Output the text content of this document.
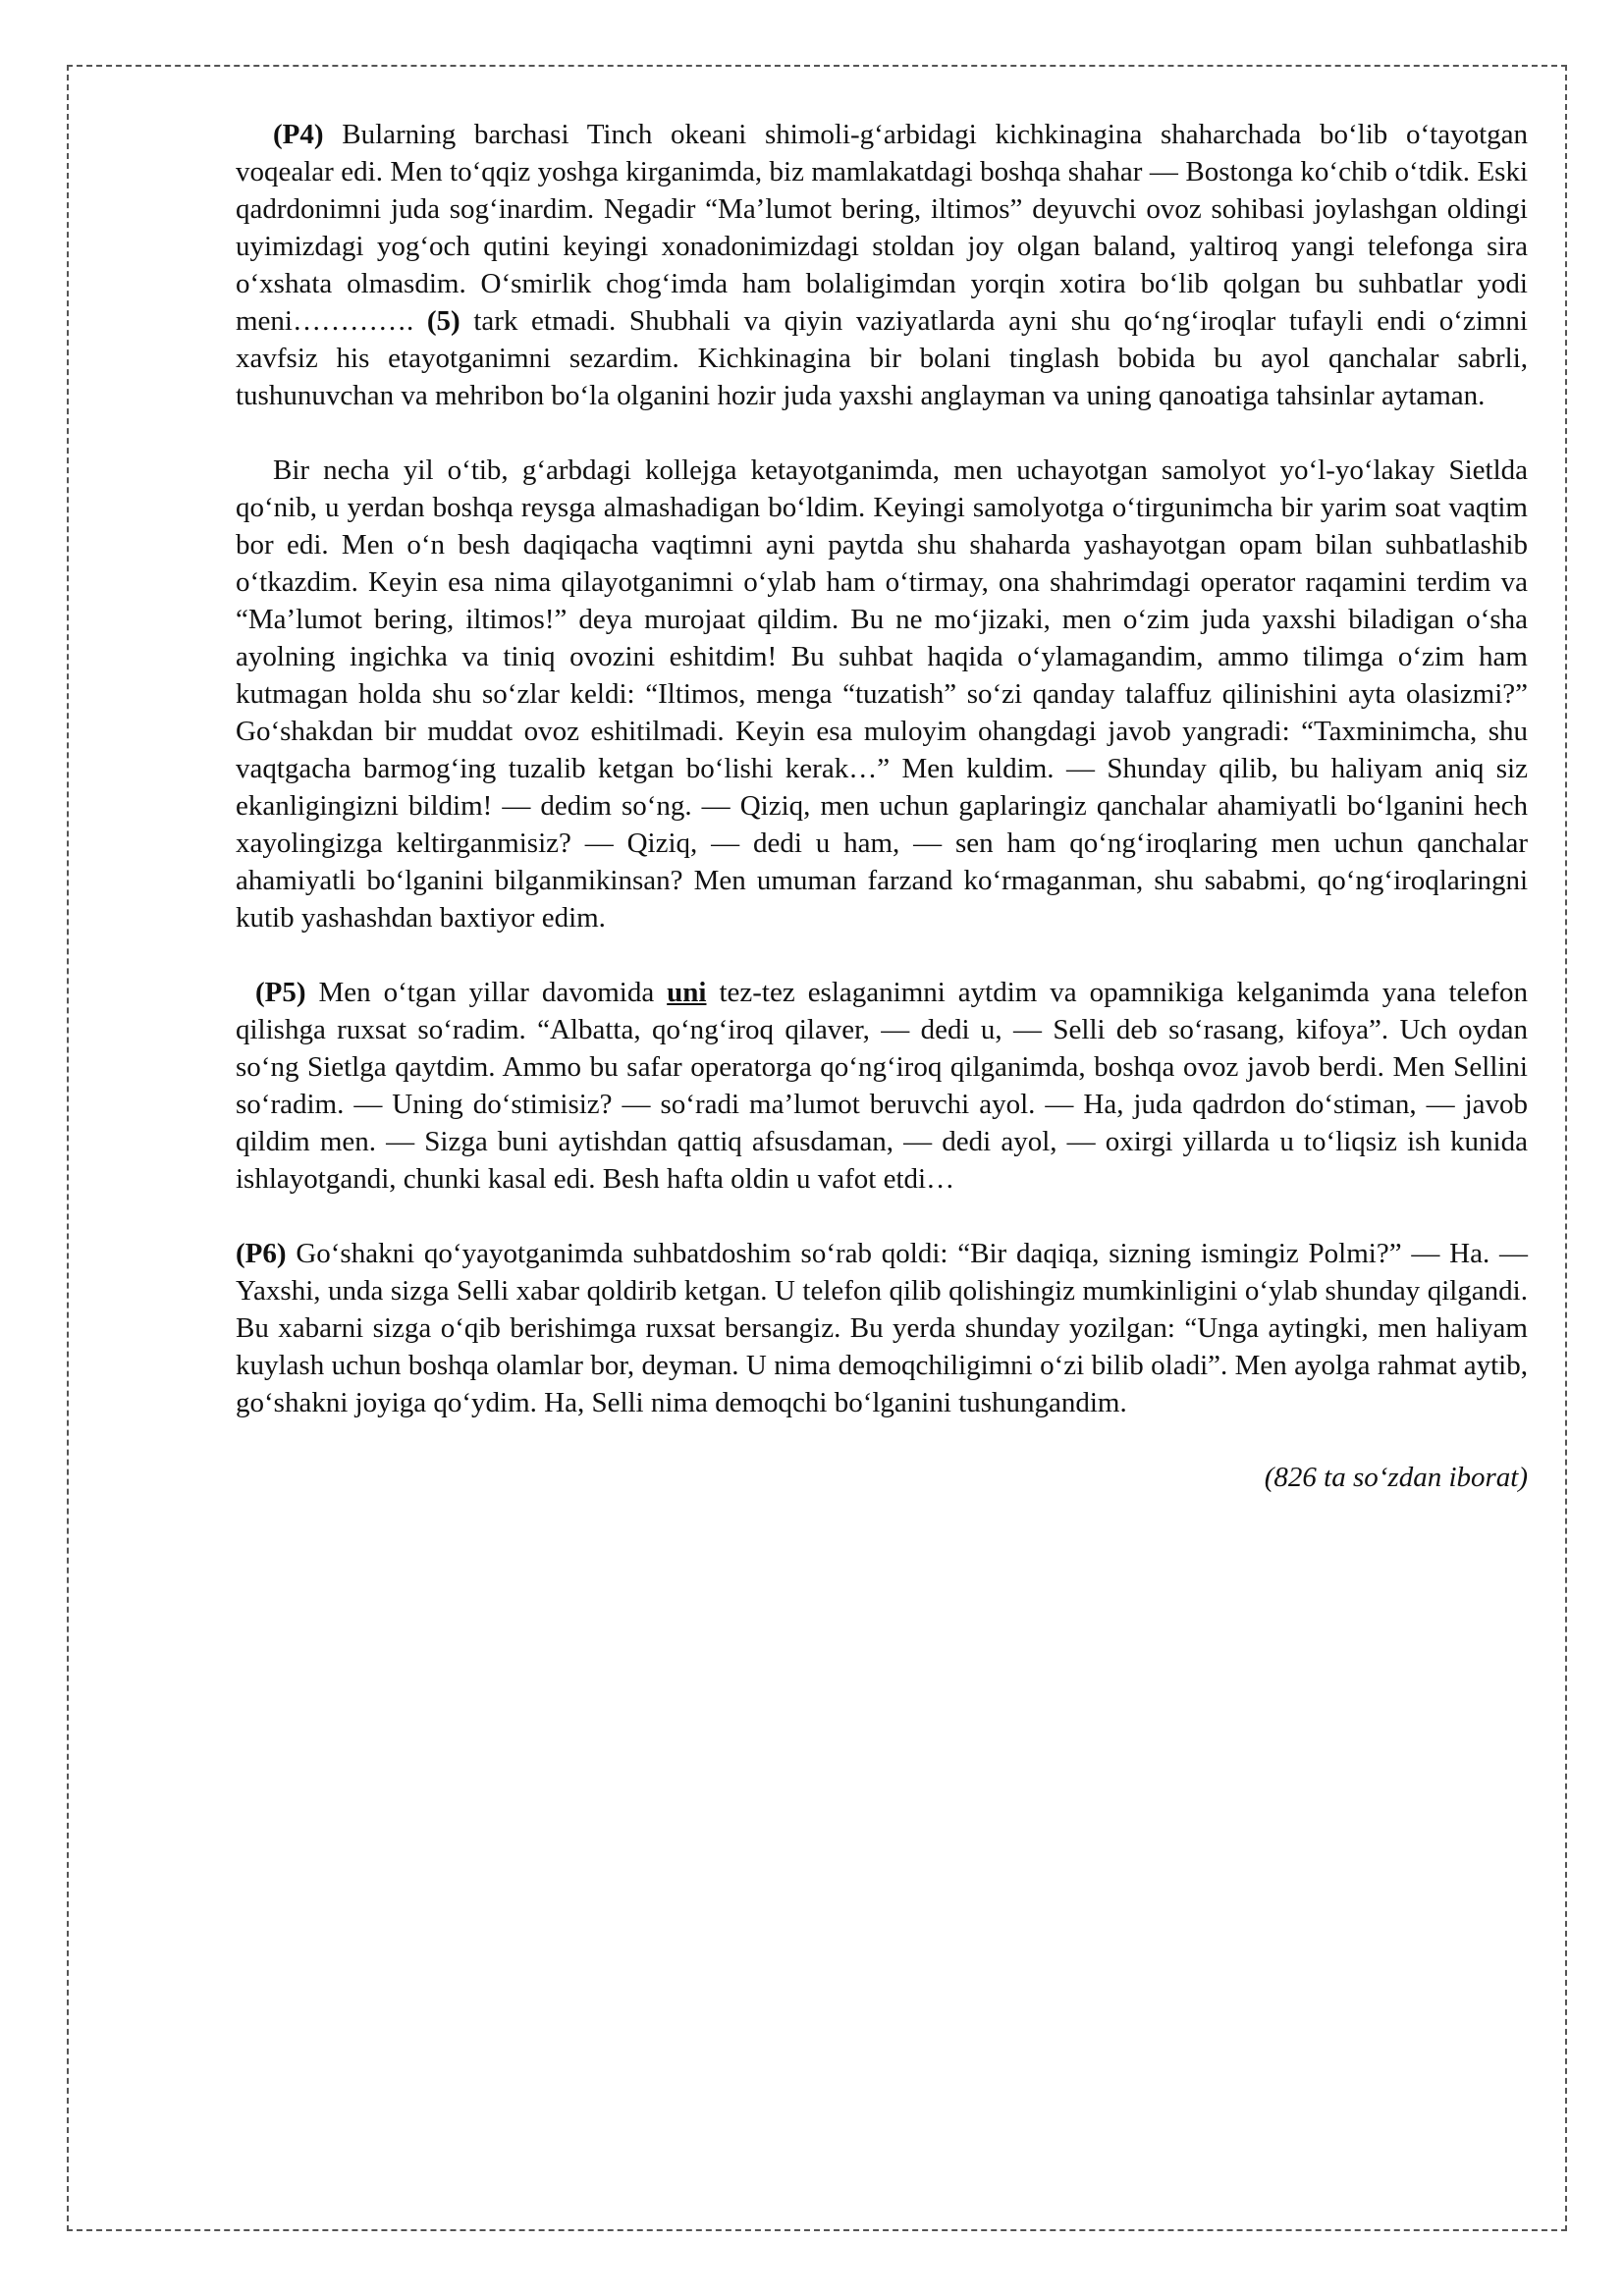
(P4) Bularning barchasi Tinch okeani shimoli-g‘arbidagi kichkinagina shaharchada bo‘lib o‘tayotgan voqealar edi. Men to‘qqiz yoshga kirganimda, biz mamlakatdagi boshqa shahar — Bostonga ko‘chib o‘tdik. Eski qadrdonimni juda sog‘inardim. Negadir “Ma’lumot bering, iltimos” deyuvchi ovoz sohibasi joylashgan oldingi uyimizdagi yog‘och qutini keyingi xonadonimizdagi stoldan joy olgan baland, yaltiroq yangi telefonga sira o‘xshata olmasdim. O‘smirlik chog‘imda ham bolaligimdan yorqin xotira bo‘lib qolgan bu suhbatlar yodi meni…………. (5) tark etmadi. Shubhali va qiyin vaziyatlarda ayni shu qo‘ng‘iroqlar tufayli endi o‘zimni xavfsiz his etayotganimni sezardim. Kichkinagina bir bolani tinglash bobida bu ayol qanchalar sabrli, tushunuvchan va mehribon bo‘la olganini hozir juda yaxshi anglayman va uning qanoatiga tahsinlar aytaman.

Bir necha yil o‘tib, g‘arbdagi kollejga ketayotganimda, men uchayotgan samolyot yo‘l-yo‘lakay Sietlda qo‘nib, u yerdan boshqa reysga almashadigan bo‘ldim. Keyingi samolyotga o‘tirgunimcha bir yarim soat vaqtim bor edi. Men o‘n besh daqiqacha vaqtimni ayni paytda shu shaharda yashayotgan opam bilan suhbatlashib o‘tkazdim. Keyin esa nima qilayotganimni o‘ylab ham o‘tirmay, ona shahrimdagi operator raqamini terdim va “Ma’lumot bering, iltimos!” deya murojaat qildim. Bu ne mo‘jizaki, men o‘zim juda yaxshi biladigan o‘sha ayolning ingichka va tiniq ovozini eshitdim! Bu suhbat haqida o‘ylamagandim, ammo tilimga o‘zim ham kutmagan holda shu so‘zlar keldi: “Iltimos, menga “tuzatish” so‘zi qanday talaffuz qilinishini ayta olasizmi?” Go‘shakdan bir muddat ovoz eshitilmadi. Keyin esa muloyim ohangdagi javob yangradi: “Taxminimcha, shu vaqtgacha barmog‘ing tuzalib ketgan bo‘lishi kerak…” Men kuldim. — Shunday qilib, bu haliyam aniq siz ekanligingizni bildim! — dedim so‘ng. — Qiziq, men uchun gaplaringiz qanchalar ahamiyatli bo‘lganini hech xayolingizga keltirganmisiz? — Qiziq, — dedi u ham, — sen ham qo‘ng‘iroqlaring men uchun qanchalar ahamiyatli bo‘lganini bilganmikinsan? Men umuman farzand ko‘rmaganman, shu sababmi, qo‘ng‘iroqlaringni kutib yashashdan baxtiyor edim.

(P5) Men o‘tgan yillar davomida uni tez-tez eslaganimni aytdim va opamnikiga kelganimda yana telefon qilishga ruxsat so‘radim. “Albatta, qo‘ng‘iroq qilaver, — dedi u, — Selli deb so‘rasang, kifoya”. Uch oydan so‘ng Sietlga qaytdim. Ammo bu safar operatorga qo‘ng‘iroq qilganimda, boshqa ovoz javob berdi. Men Sellini so‘radim. — Uning do‘stimisiz? — so‘radi ma’lumot beruvchi ayol. — Ha, juda qadrdon do‘stiman, — javob qildim men. — Sizga buni aytishdan qattiq afsusdaman, — dedi ayol, — oxirgi yillarda u to‘liqsiz ish kunida ishlayotgandi, chunki kasal edi. Besh hafta oldin u vafot etdi…

(P6) Go‘shakni qo‘yayotganimda suhbatdoshim so‘rab qoldi: “Bir daqiqa, sizning ismingiz Polmi?” — Ha. — Yaxshi, unda sizga Selli xabar qoldirib ketgan. U telefon qilib qolishingiz mumkinligini o‘ylab shunday qilgandi. Bu xabarni sizga o‘qib berishimga ruxsat bersangiz. Bu yerda shunday yozilgan: “Unga aytingki, men haliyam kuylash uchun boshqa olamlar bor, deyman. U nima demoqchiligimni o‘zi bilib oladi”. Men ayolga rahmat aytib, go‘shakni joyiga qo‘ydim. Ha, Selli nima demoqchi bo‘lganini tushungandim.

(826 ta so‘zdan iborat)
